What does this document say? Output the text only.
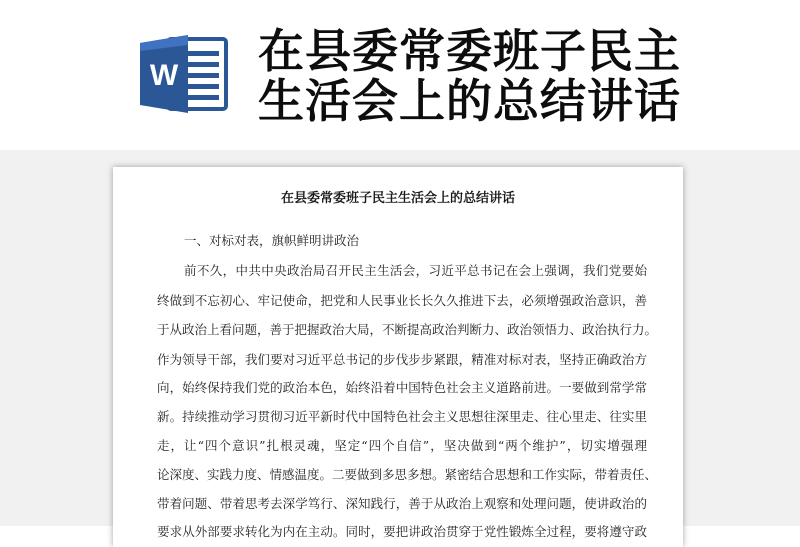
W 在县委常委班子民主
生活会上的总结讲话
在县委常委班子民主生活会上的总结讲话
一、对标对表，旗帜鲜明讲政治
前不久，中共中央政治局召开民主生活会，习近平总书记在会上强调，我们党要始
终做到不忘初心、牢记使命，把党和人民事业长长久久推进下去，必须增强政治意识，善
于从政治上看问题，善于把握政治大局，不断提高政治判断力、政治领悟力、政治执行力。
作为领导干部，我们要对习近平总书记的步伐步步紧跟，精准对标对表，坚持正确政治方
向，始终保持我们党的政治本色，始终沿着中国特色社会主义道路前进。一要做到常学常
新。持续推动学习贯彻习近平新时代中国特色社会主义思想往深里走、往心里走、往实里
走，让“四个意识”扎根灵魂，坚定“四个自信”，坚决做到“两个维护”，切实增强理
论深度、实践力度、情感温度。二要做到多思多想。紧密结合思想和工作实际，带着责任、
带着问题、带着思考去深学笃行、深知践行，善于从政治上观察和处理问题，使讲政治的
要求从外部要求转化为内在主动。同时，要把讲政治贯穿于党性锻炼全过程，要将遵守政
